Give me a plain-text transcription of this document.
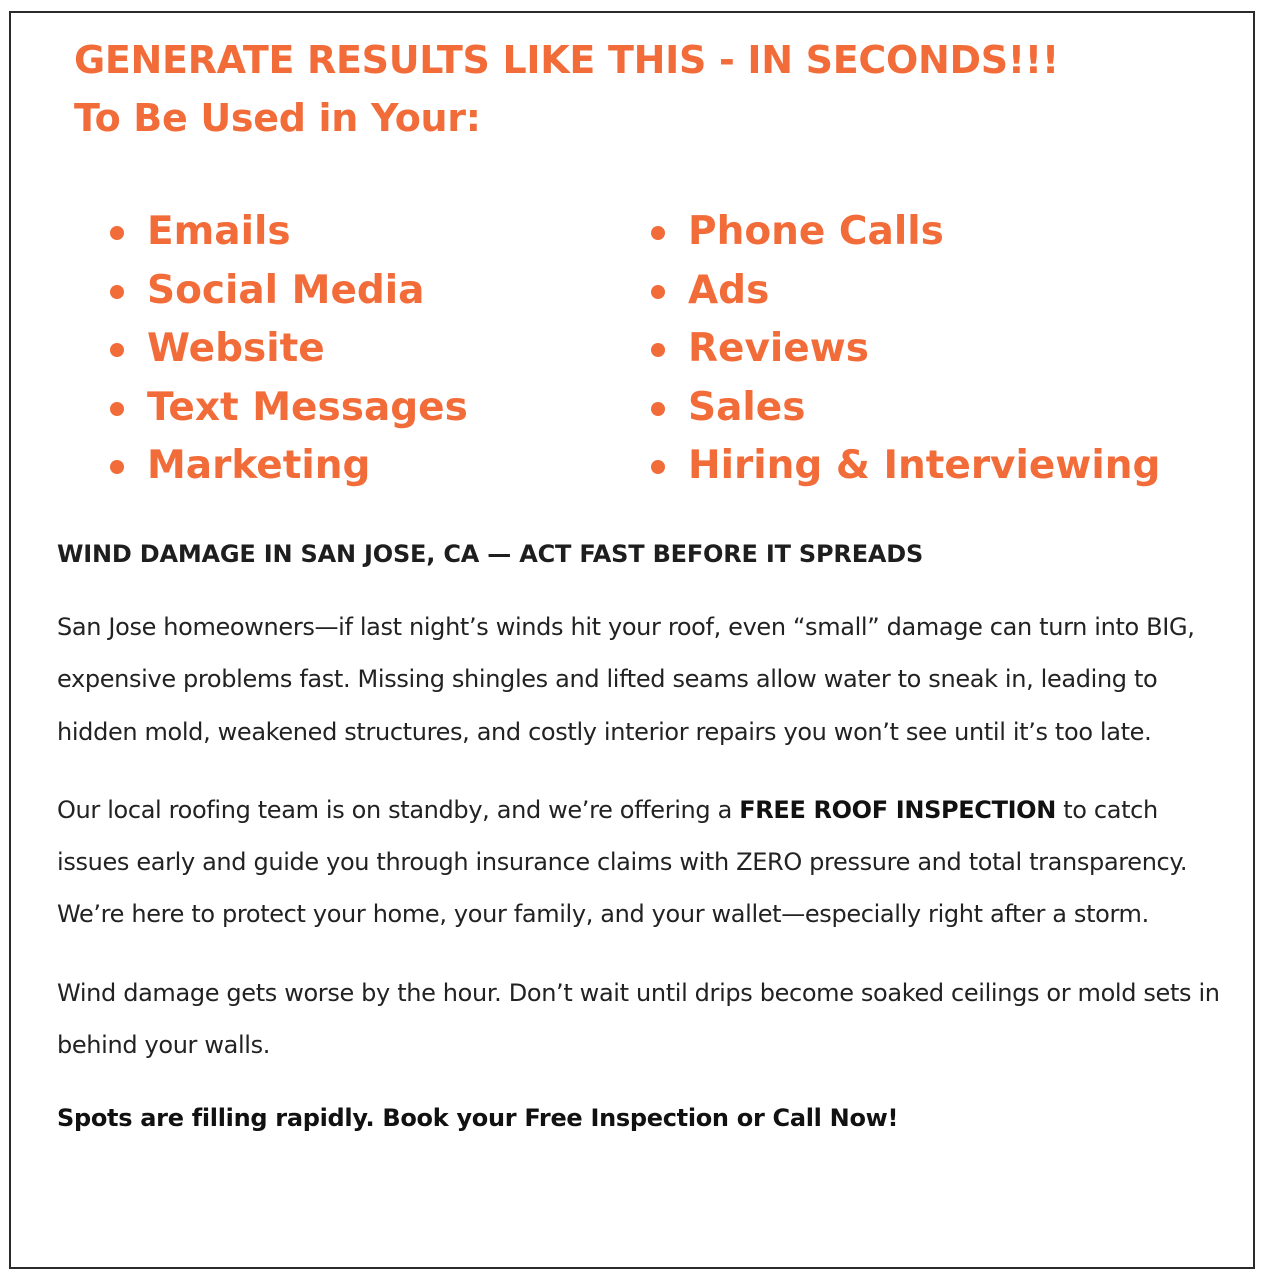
GENERATE RESULTS LIKE THIS - IN SECONDS!!!
To Be Used in Your:
Emails
Social Media
Website
Text Messages
Marketing
Phone Calls
Ads
Reviews
Sales
Hiring & Interviewing
WIND DAMAGE IN SAN JOSE, CA — ACT FAST BEFORE IT SPREADS

San Jose homeowners—if last night’s winds hit your roof, even “small” damage can turn into BIG, expensive problems fast. Missing shingles and lifted seams allow water to sneak in, leading to hidden mold, weakened structures, and costly interior repairs you won’t see until it’s too late.

Our local roofing team is on standby, and we’re offering a FREE ROOF INSPECTION to catch issues early and guide you through insurance claims with ZERO pressure and total transparency. We’re here to protect your home, your family, and your wallet—especially right after a storm.

Wind damage gets worse by the hour. Don’t wait until drips become soaked ceilings or mold sets in behind your walls.

Spots are filling rapidly. Book your Free Inspection or Call Now!
